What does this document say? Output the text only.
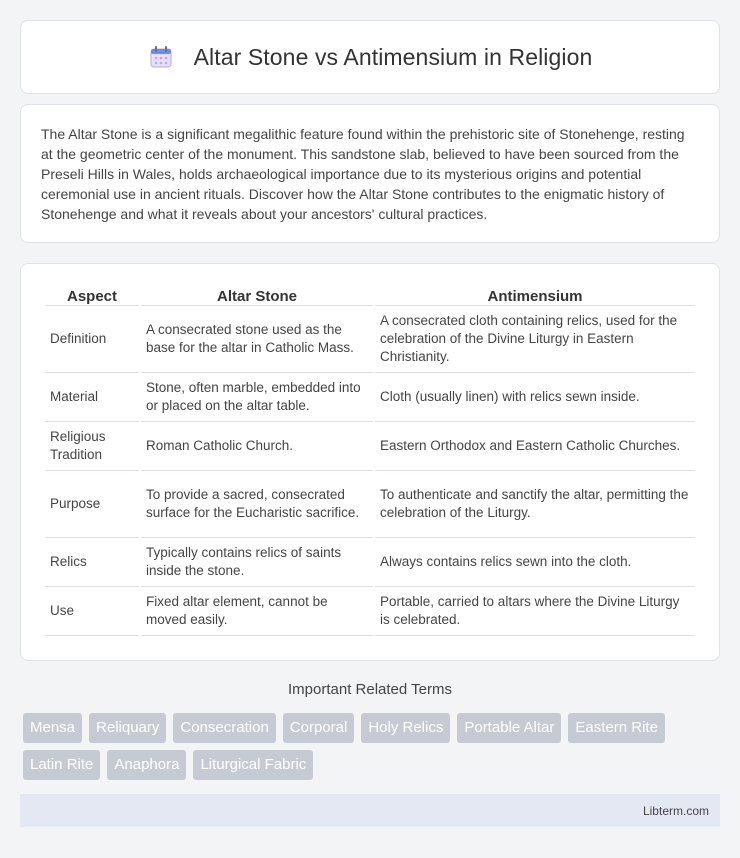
Altar Stone vs Antimensium in Religion

The Altar Stone is a significant megalithic feature found within the prehistoric site of Stonehenge, resting at the geometric center of the monument. This sandstone slab, believed to have been sourced from the Preseli Hills in Wales, holds archaeological importance due to its mysterious origins and potential ceremonial use in ancient rituals. Discover how the Altar Stone contributes to the enigmatic history of Stonehenge and what it reveals about your ancestors' cultural practices.

Aspect	Altar Stone	Antimensium
Definition	A consecrated stone used as the base for the altar in Catholic Mass.	A consecrated cloth containing relics, used for the celebration of the Divine Liturgy in Eastern Christianity.
Material	Stone, often marble, embedded into or placed on the altar table.	Cloth (usually linen) with relics sewn inside.
Religious Tradition	Roman Catholic Church.	Eastern Orthodox and Eastern Catholic Churches.
Purpose	To provide a sacred, consecrated surface for the Eucharistic sacrifice.	To authenticate and sanctify the altar, permitting the celebration of the Liturgy.
Relics	Typically contains relics of saints inside the stone.	Always contains relics sewn into the cloth.
Use	Fixed altar element, cannot be moved easily.	Portable, carried to altars where the Divine Liturgy is celebrated.
Important Related Terms
Mensa	Reliquary	Consecration	Corporal	Holy Relics	Portable Altar	Eastern Rite
Latin Rite	Anaphora	Liturgical Fabric
Libterm.com
